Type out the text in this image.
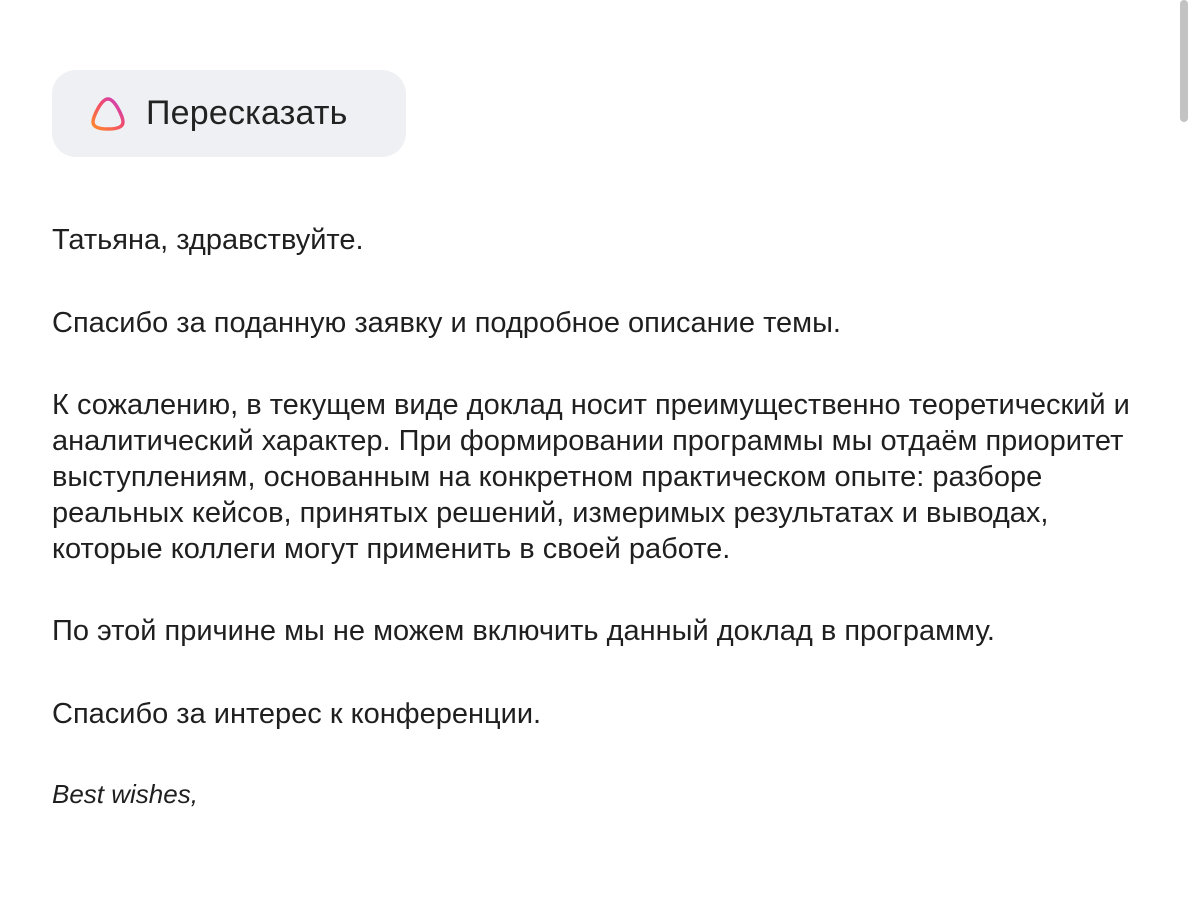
Пересказать

Татьяна, здравствуйте.

Спасибо за поданную заявку и подробное описание темы.

К сожалению, в текущем виде доклад носит преимущественно теоретический и аналитический характер. При формировании программы мы отдаём приоритет выступлениям, основанным на конкретном практическом опыте: разборе реальных кейсов, принятых решений, измеримых результатах и выводах, которые коллеги могут применить в своей работе.

По этой причине мы не можем включить данный доклад в программу.

Спасибо за интерес к конференции.

Best wishes,
